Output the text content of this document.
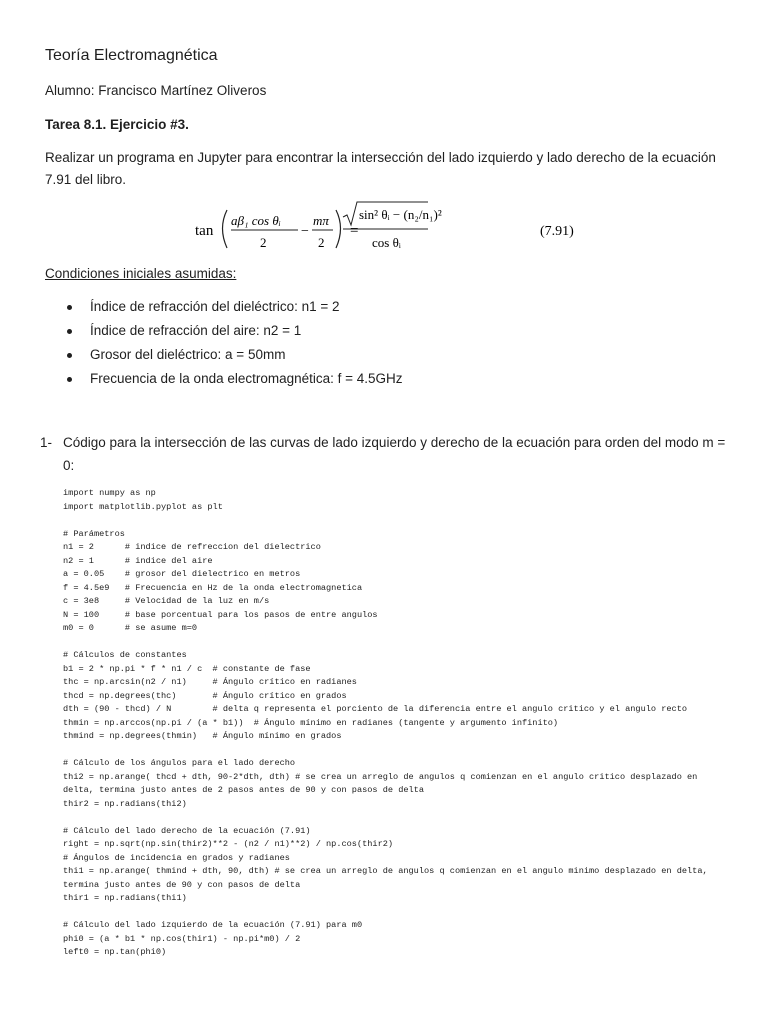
Teoría Electromagnética
Alumno: Francisco Martínez Oliveros
Tarea 8.1. Ejercicio #3.
Realizar un programa en Jupyter para encontrar la intersección del lado izquierdo y lado derecho de la ecuación 7.91 del libro.
tan
aβ₁ cos θᵢ
2
−
mπ
2
=
sin² θᵢ − (n₂/n₁)²
cos θᵢ
(7.91)
Condiciones iniciales asumidas:
Índice de refracción del dieléctrico: n1 = 2
Índice de refracción del aire: n2 = 1
Grosor del dieléctrico: a = 50mm
Frecuencia de la onda electromagnética: f = 4.5GHz
1- Código para la intersección de las curvas de lado izquierdo y derecho de la ecuación para orden del modo m = 0:
import numpy as np
import matplotlib.pyplot as plt

# Parámetros
n1 = 2      # indice de refreccion del dielectrico
n2 = 1      # indice del aire
a = 0.05    # grosor del dielectrico en metros
f = 4.5e9   # Frecuencia en Hz de la onda electromagnetica
c = 3e8     # Velocidad de la luz en m/s
N = 100     # base porcentual para los pasos de entre angulos
m0 = 0      # se asume m=0

# Cálculos de constantes
b1 = 2 * np.pi * f * n1 / c  # constante de fase
thc = np.arcsin(n2 / n1)     # Ángulo crítico en radianes
thcd = np.degrees(thc)       # Ángulo crítico en grados
dth = (90 - thcd) / N        # delta q representa el porciento de la diferencia entre el angulo critico y el angulo recto
thmin = np.arccos(np.pi / (a * b1))  # Ángulo mínimo en radianes (tangente y argumento infinito)
thmind = np.degrees(thmin)   # Ángulo mínimo en grados

# Cálculo de los ángulos para el lado derecho
thi2 = np.arange( thcd + dth, 90-2*dth, dth) # se crea un arreglo de angulos q comienzan en el angulo critico desplazado en delta, termina justo antes de 2 pasos antes de 90 y con pasos de delta
thir2 = np.radians(thi2)

# Cálculo del lado derecho de la ecuación (7.91)
right = np.sqrt(np.sin(thir2)**2 - (n2 / n1)**2) / np.cos(thir2)
# Ángulos de incidencia en grados y radianes
thi1 = np.arange( thmind + dth, 90, dth) # se crea un arreglo de angulos q comienzan en el angulo minimo desplazado en delta, termina justo antes de 90 y con pasos de delta
thir1 = np.radians(thi1)

# Cálculo del lado izquierdo de la ecuación (7.91) para m0
phi0 = (a * b1 * np.cos(thir1) - np.pi*m0) / 2
left0 = np.tan(phi0)
